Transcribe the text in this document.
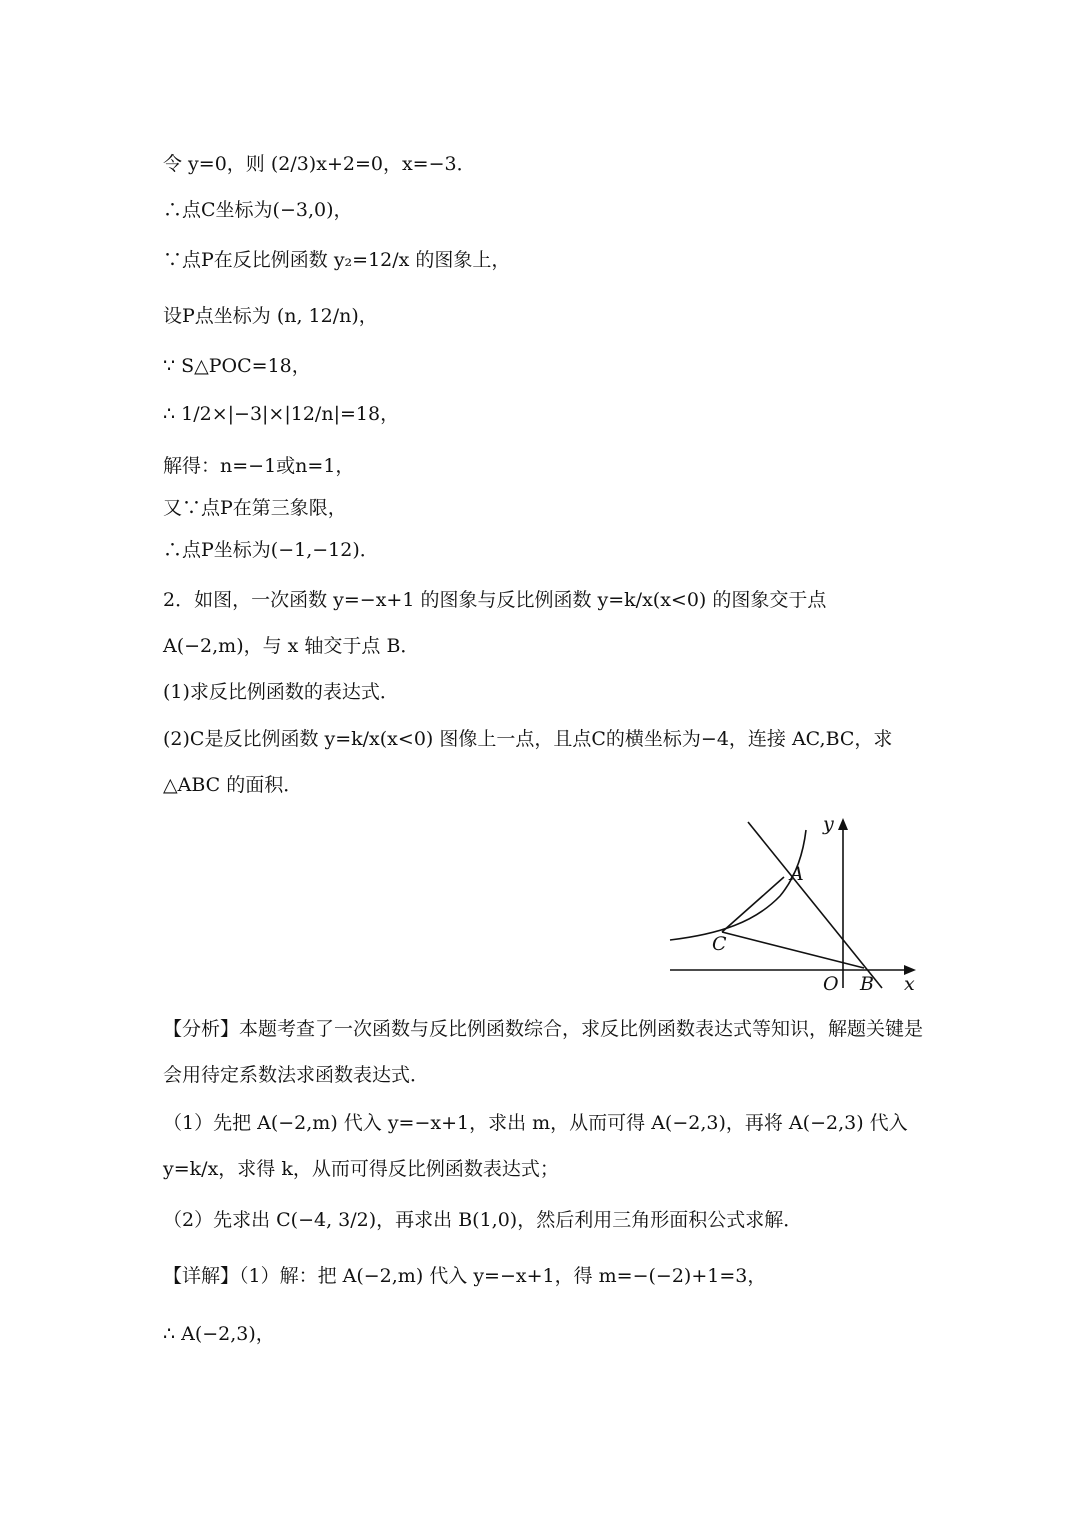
令 y=0，则 (2/3)x+2=0，x=−3．
∴点C坐标为(−3,0)，
∵点P在反比例函数 y₂=12/x 的图象上，
设P点坐标为 (n, 12/n)，
∵ S△POC=18，
∴ 1/2×|−3|×|12/n|=18，
解得：n=−1或n=1，
又∵点P在第三象限，
∴点P坐标为(−1,−12)．
2．如图，一次函数 y=−x+1 的图象与反比例函数 y=k/x(x<0) 的图象交于点 A(−2,m)，与 x 轴交于点 B．
(1)求反比例函数的表达式．
(2)C是反比例函数 y=k/x(x<0) 图像上一点，且点C的横坐标为−4，连接 AC,BC，求△ABC 的面积．
y
x
O
A
B
C
【分析】本题考查了一次函数与反比例函数综合，求反比例函数表达式等知识，解题关键是会用待定系数法求函数表达式．
（1）先把 A(−2,m) 代入 y=−x+1，求出 m，从而可得 A(−2,3)，再将 A(−2,3) 代入 y=k/x，求得 k，从而可得反比例函数表达式；
（2）先求出 C(−4, 3/2)，再求出 B(1,0)，然后利用三角形面积公式求解．
【详解】（1）解：把 A(−2,m) 代入 y=−x+1，得 m=−(−2)+1=3，
∴ A(−2,3)，
